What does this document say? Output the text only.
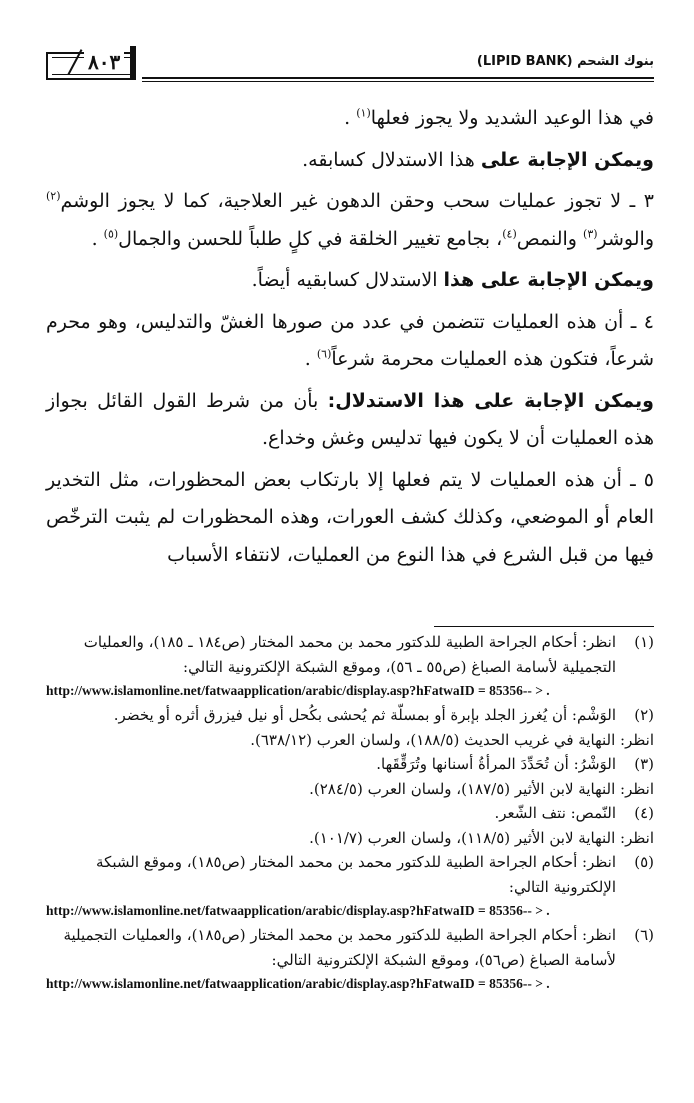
٨٠٣	بنوك الشحم (LIPID BANK)

في هذا الوعيد الشديد ولا يجوز فعلها$^{(١)}$ .

ويمكن الإجابة على هذا الاستدلال كسابقه.

٣ ـ لا تجوز عمليات سحب وحقن الدهون غير العلاجية، كما لا يجوز الوشم$^{(٢)}$ والوشر$^{(٣)}$ والنمص$^{(٤)}$، بجامع تغيير الخلقة في كلٍ طلباً للحسن والجمال$^{(٥)}$ .

ويمكن الإجابة على هذا الاستدلال كسابقيه أيضاً.

٤ ـ أن هذه العمليات تتضمن في عدد من صورها الغشّ والتدليس، وهو محرم شرعاً، فتكون هذه العمليات محرمة شرعاً$^{(٦)}$ .

ويمكن الإجابة على هذا الاستدلال: بأن من شرط القول القائل بجواز هذه العمليات أن لا يكون فيها تدليس وغش وخداع.

٥ ـ أن هذه العمليات لا يتم فعلها إلا بارتكاب بعض المحظورات، مثل التخدير العام أو الموضعي، وكذلك كشف العورات، وهذه المحظورات لم يثبت الترخّص فيها من قبل الشرع في هذا النوع من العمليات، لانتفاء الأسباب

(١)
انظر: أحكام الجراحة الطبية للدكتور محمد بن محمد المختار (ص١٨٤ ـ ١٨٥)، والعمليات التجميلية لأسامة الصباغ (ص٥٥ ـ ٥٦)، وموقع الشبكة الإلكترونية التالي:
http://www.islamonline.net/fatwaapplication/arabic/display.asp?hFatwaID = 85356-- > .
(٢)
الوَشْم: أن يُغرز الجلد بإبرة أو بمسلّة ثم يُحشى بكُحل أو نيل فيزرق أثره أو يخضر.
انظر: النهاية في غريب الحديث (١٨٨/٥)، ولسان العرب (٦٣٨/١٢).
(٣)
الوَشْرُ: أن تُحَدِّدَ المرأةُ أسنانها وتُرَقِّقَها.
انظر: النهاية لابن الأثير (١٨٧/٥)، ولسان العرب (٢٨٤/٥).
(٤)
النّمص: نتف الشّعر.
انظر: النهاية لابن الأثير (١١٨/٥)، ولسان العرب (١٠١/٧).
(٥)
انظر: أحكام الجراحة الطبية للدكتور محمد بن محمد المختار (ص١٨٥)، وموقع الشبكة الإلكترونية التالي:
http://www.islamonline.net/fatwaapplication/arabic/display.asp?hFatwaID = 85356-- > .
(٦)
انظر: أحكام الجراحة الطبية للدكتور محمد بن محمد المختار (ص١٨٥)، والعمليات التجميلية لأسامة الصباغ (ص٥٦)، وموقع الشبكة الإلكترونية التالي:
http://www.islamonline.net/fatwaapplication/arabic/display.asp?hFatwaID = 85356-- > .
